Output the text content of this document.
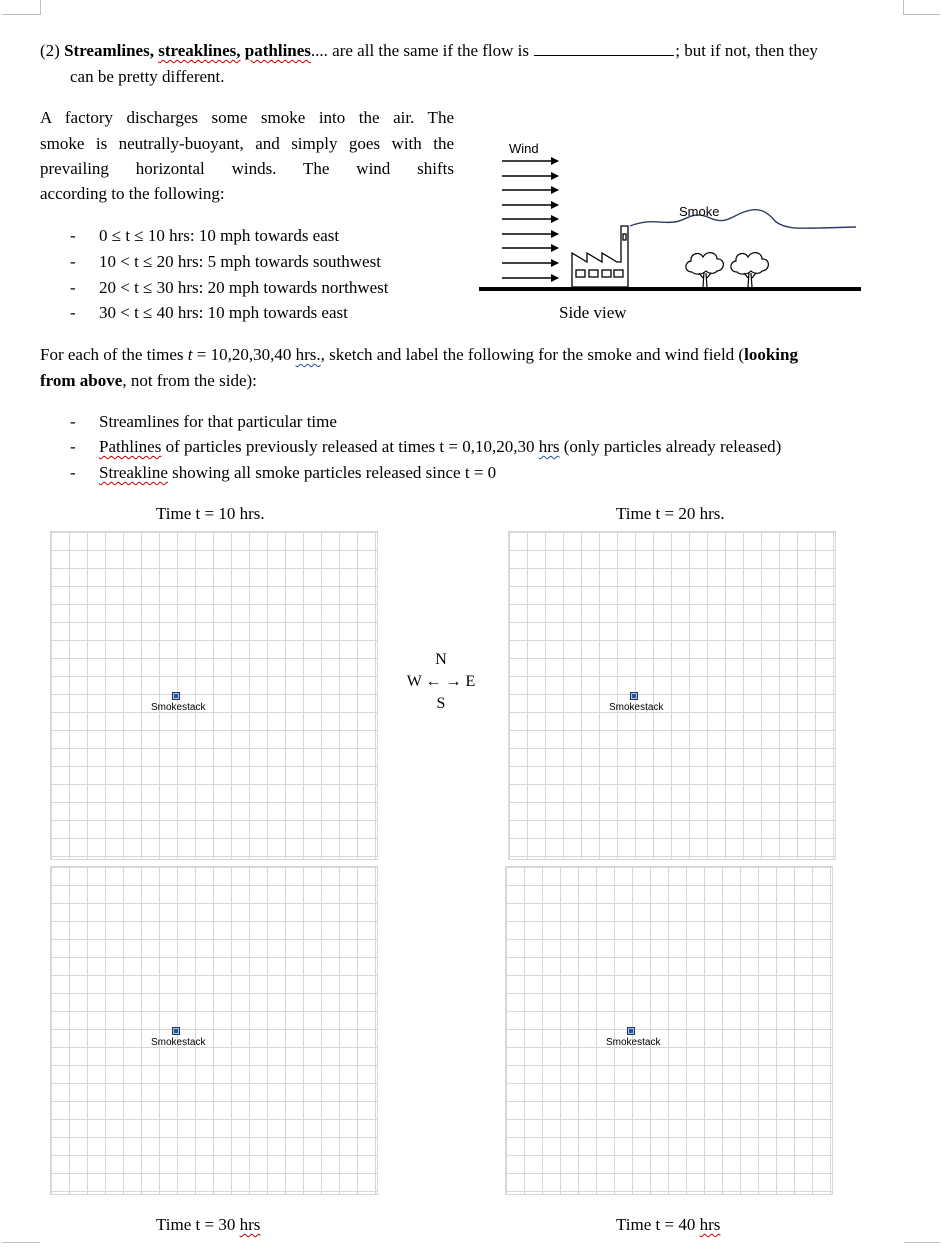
(2) Streamlines, streaklines, pathlines.... are all the same if the flow is	; but if not, then they
can be pretty different.
A factory discharges some smoke into the air. The
smoke is neutrally-buoyant, and simply goes with the
prevailing horizontal winds. The wind shifts
according to the following:
- 0 ≤ t ≤ 10 hrs: 10 mph towards east
- 10 < t ≤ 20 hrs: 5 mph towards southwest
- 20 < t ≤ 30 hrs: 20 mph towards northwest
- 30 < t ≤ 40 hrs: 10 mph towards east
Wind
Smoke
Side view
For each of the times t = 10,20,30,40 hrs., sketch and label the following for the smoke and wind field (looking
from above, not from the side):
- Streamlines for that particular time
- Pathlines of particles previously released at times t = 0,10,20,30 hrs (only particles already released)
- Streakline showing all smoke particles released since t = 0
Time t = 10 hrs.	Time t = 20 hrs.
Smokestack	Smokestack
Smokestack	Smokestack
N
W ← → E
S
Time t = 30 hrs	Time t = 40 hrs
